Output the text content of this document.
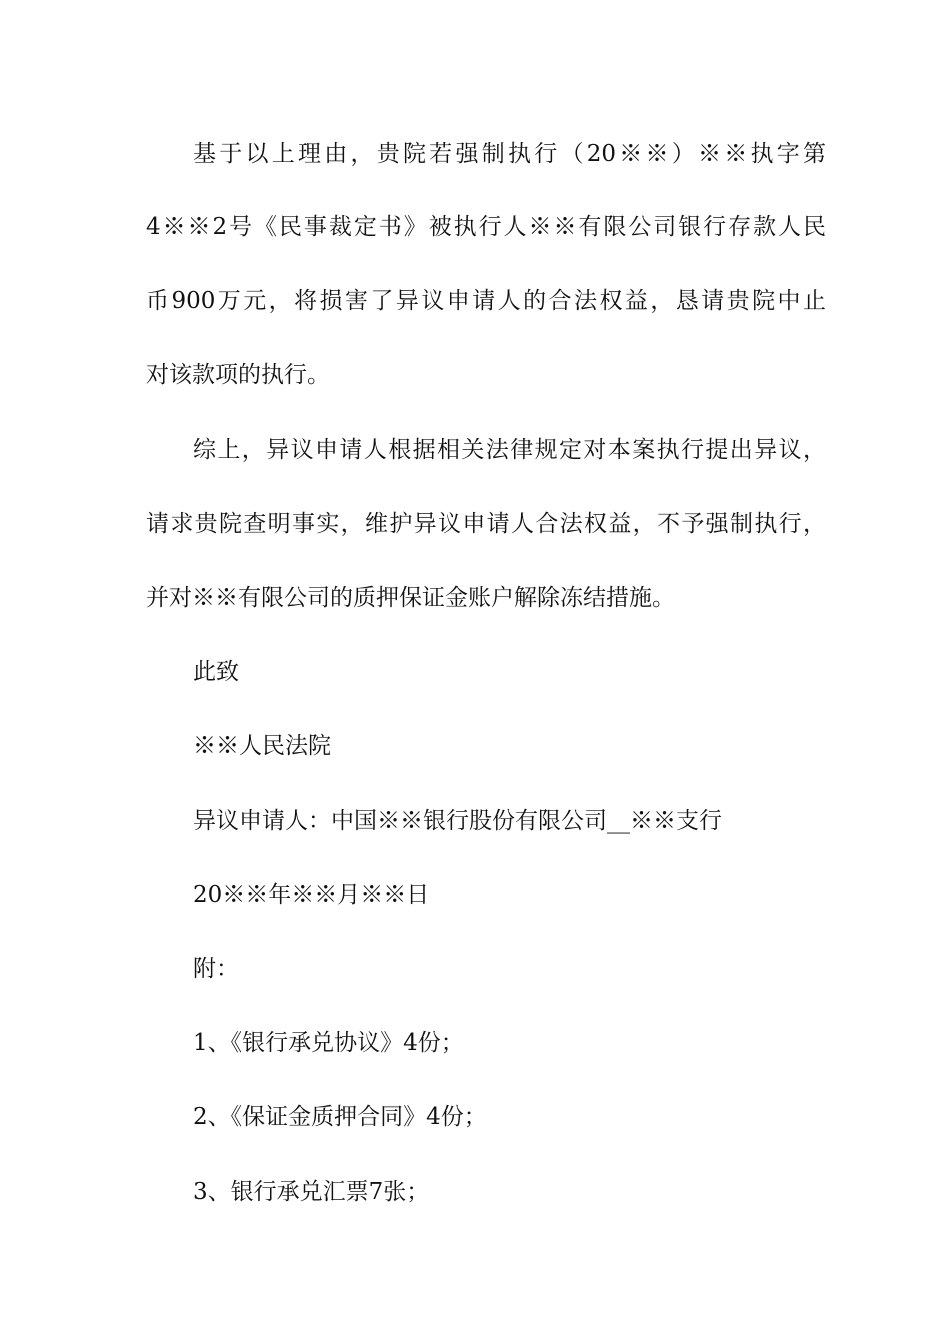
基于以上理由，贵院若强制执行（20※※）※※执字第
4※※2号《民事裁定书》被执行人※※有限公司银行存款人民
币900万元，将损害了异议申请人的合法权益，恳请贵院中止
对该款项的执行。
综上，异议申请人根据相关法律规定对本案执行提出异议，
请求贵院查明事实，维护异议申请人合法权益，不予强制执行，
并对※※有限公司的质押保证金账户解除冻结措施。
此致
※※人民法院
异议申请人：中国※※银行股份有限公司__※※支行
20※※年※※月※※日
附：
1、《银行承兑协议》4份；
2、《保证金质押合同》4份；
3、银行承兑汇票7张；
